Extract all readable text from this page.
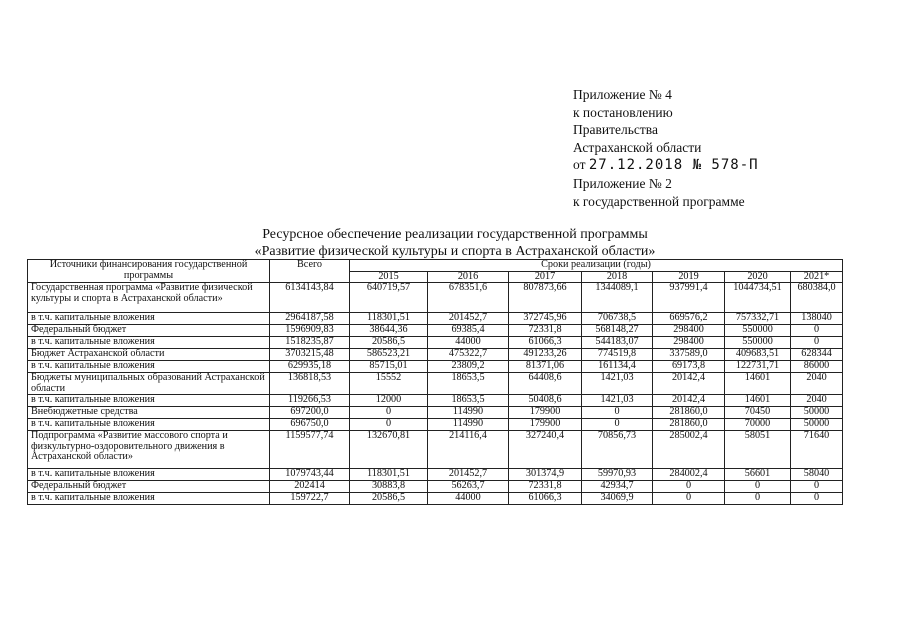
Приложение № 4
к постановлению
Правительства
Астраханской области
от 27.12.2018 № 578-П
Приложение № 2
к государственной программе
Ресурсное обеспечение реализации государственной программы
«Развитие физической культуры и спорта в Астраханской области»
Источники финансирования государственной программы	Всего	Сроки реализации (годы)						
		2015	2016	2017	2018	2019	2020	2021*
Государственная программа «Развитие физической культуры и спорта в Астраханской области»	6134143,84	640719,57	678351,6	807873,66	1344089,1	937991,4	1044734,51	680384,0
в т.ч. капитальные вложения	2964187,58	118301,51	201452,7	372745,96	706738,5	669576,2	757332,71	138040
Федеральный бюджет	1596909,83	38644,36	69385,4	72331,8	568148,27	298400	550000	0
в т.ч. капитальные вложения	1518235,87	20586,5	44000	61066,3	544183,07	298400	550000	0
Бюджет Астраханской области	3703215,48	586523,21	475322,7	491233,26	774519,8	337589,0	409683,51	628344
в т.ч. капитальные вложения	629935,18	85715,01	23809,2	81371,06	161134,4	69173,8	122731,71	86000
Бюджеты муниципальных образований Астраханской области	136818,53	15552	18653,5	64408,6	1421,03	20142,4	14601	2040
в т.ч. капитальные вложения	119266,53	12000	18653,5	50408,6	1421,03	20142,4	14601	2040
Внебюджетные средства	697200,0	0	114990	179900	0	281860,0	70450	50000
в т.ч. капитальные вложения	696750,0	0	114990	179900	0	281860,0	70000	50000
Подпрограмма «Развитие массового спорта и физкультурно-оздоровительного движения в Астраханской области»	1159577,74	132670,81	214116,4	327240,4	70856,73	285002,4	58051	71640
в т.ч. капитальные вложения	1079743,44	118301,51	201452,7	301374,9	59970,93	284002,4	56601	58040
Федеральный бюджет	202414	30883,8	56263,7	72331,8	42934,7	0	0	0
в т.ч. капитальные вложения	159722,7	20586,5	44000	61066,3	34069,9	0	0	0
